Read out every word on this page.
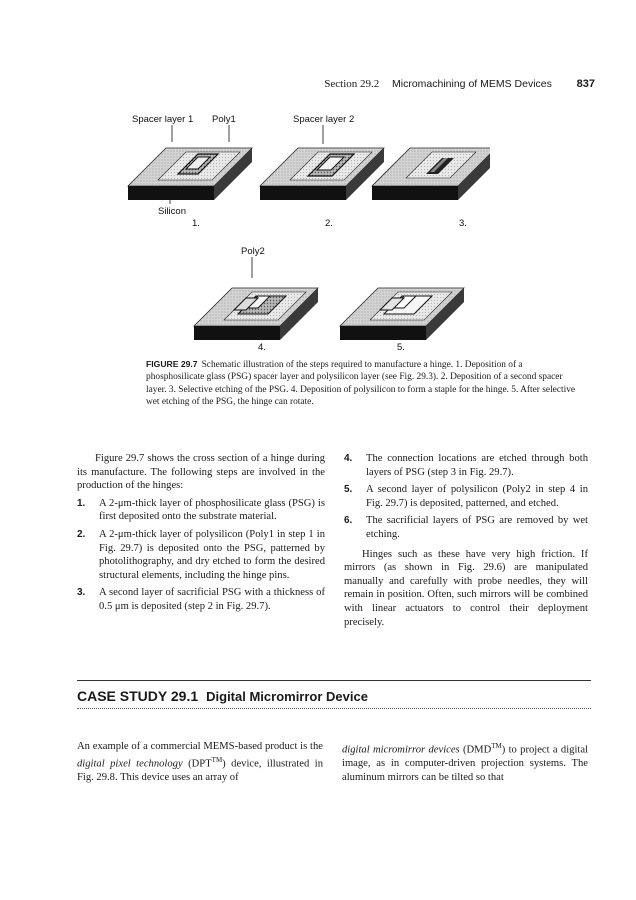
Section 29.2 Micromachining of MEMS Devices 837
Spacer layer 1 Poly1	Spacer layer 2
Silicon
1.	2.	3.
Poly2
4.	5.
FIGURE 29.7 Schematic illustration of the steps required to manufacture a hinge. 1. Deposition of a phosphosilicate glass (PSG) spacer layer and polysilicon layer (see Fig. 29.3). 2. Deposition of a second spacer layer. 3. Selective etching of the PSG. 4. Deposition of polysilicon to form a staple for the hinge. 5. After selective wet etching of the PSG, the hinge can rotate.

Figure 29.7 shows the cross section of a hinge during its manufacture. The following steps are involved in the production of the hinges:

1. A 2-μm-thick layer of phosphosilicate glass (PSG) is first deposited onto the substrate material.

2. A 2-μm-thick layer of polysilicon (Poly1 in step 1 in Fig. 29.7) is deposited onto the PSG, patterned by photolithography, and dry etched to form the desired structural elements, including the hinge pins.

3. A second layer of sacrificial PSG with a thickness of 0.5 μm is deposited (step 2 in Fig. 29.7).

4. The connection locations are etched through both layers of PSG (step 3 in Fig. 29.7).

5. A second layer of polysilicon (Poly2 in step 4 in Fig. 29.7) is deposited, patterned, and etched.

6. The sacrificial layers of PSG are removed by wet etching.

Hinges such as these have very high friction. If mirrors (as shown in Fig. 29.6) are manipulated manually and carefully with probe needles, they will remain in position. Often, such mirrors will be combined with linear actuators to control their deployment precisely.

CASE STUDY 29.1 Digital Micromirror Device

An example of a commercial MEMS-based product is the digital pixel technology (DPT™) device, illustrated in Fig. 29.8. This device uses an array of

digital micromirror devices (DMD™) to project a digital image, as in computer-driven projection systems. The aluminum mirrors can be tilted so that
